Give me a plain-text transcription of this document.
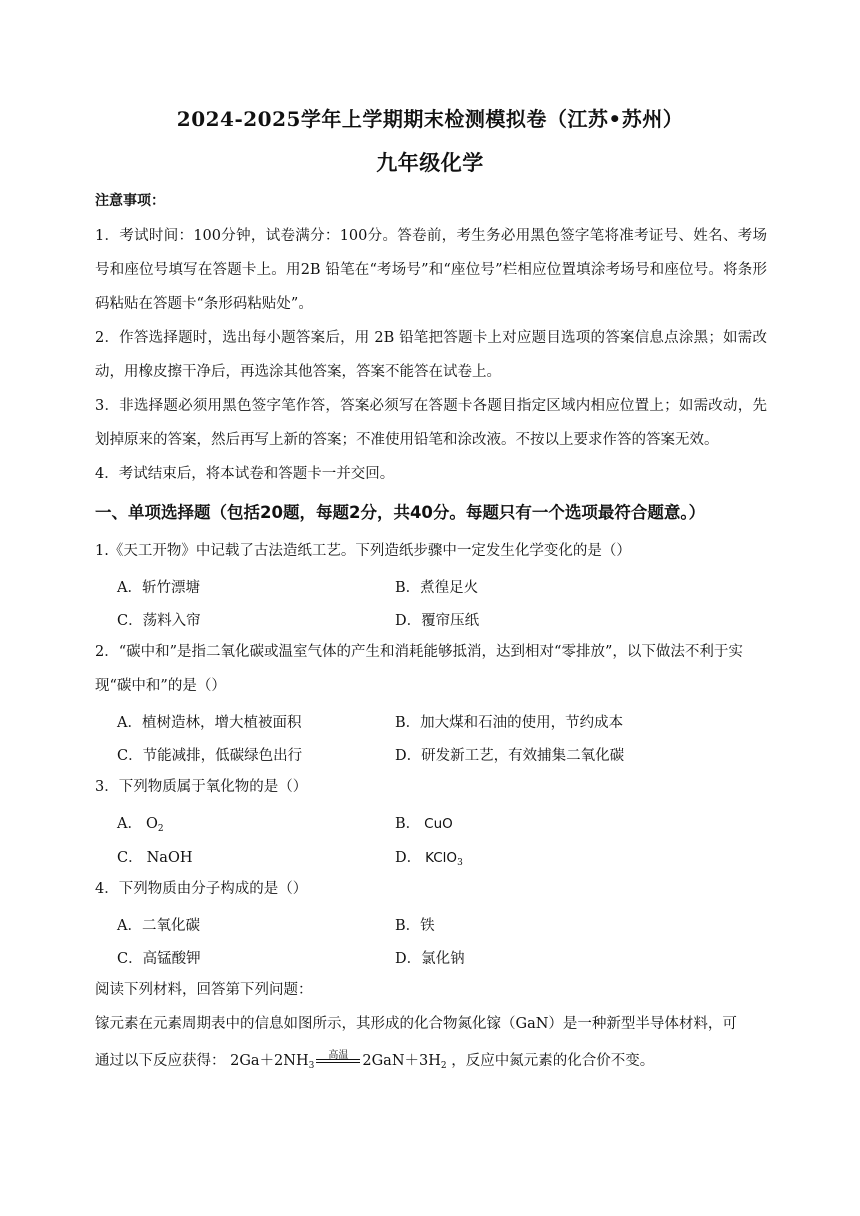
2024-2025学年上学期期末检测模拟卷（江苏•苏州）
九年级化学
注意事项：
1．考试时间：100分钟，试卷满分：100分。答卷前，考生务必用黑色签字笔将准考证号、姓名、考场号和座位号填写在答题卡上。用2B 铅笔在“考场号”和“座位号”栏相应位置填涂考场号和座位号。将条形码粘贴在答题卡“条形码粘贴处”。
2．作答选择题时，选出每小题答案后，用 2B 铅笔把答题卡上对应题目选项的答案信息点涂黑；如需改动，用橡皮擦干净后，再选涂其他答案，答案不能答在试卷上。
3．非选择题必须用黑色签字笔作答，答案必须写在答题卡各题目指定区域内相应位置上；如需改动，先划掉原来的答案，然后再写上新的答案；不准使用铅笔和涂改液。不按以上要求作答的答案无效。
4．考试结束后，将本试卷和答题卡一并交回。
一、单项选择题（包括20题，每题2分，共40分。每题只有一个选项最符合题意。）
1.《天工开物》中记载了古法造纸工艺。下列造纸步骤中一定发生化学变化的是（）
A．斩竹漂塘	B．煮徨足火
C．荡料入帘	D．覆帘压纸
2．“碳中和”是指二氧化碳或温室气体的产生和消耗能够抵消，达到相对“零排放”，以下做法不利于实现“碳中和”的是（）
A．植树造林，增大植被面积	B．加大煤和石油的使用，节约成本
C．节能减排，低碳绿色出行	D．研发新工艺，有效捕集二氧化碳
3．下列物质属于氧化物的是（）
A． $O_2$	B． CuO
C． NaOH	D． KClO$_3$
4．下列物质由分子构成的是（）
A．二氧化碳	B．铁
C．高锰酸钾	D．氯化钠
阅读下列材料，回答第下列问题：
镓元素在元素周期表中的信息如图所示，其形成的化合物氮化镓（GaN）是一种新型半导体材料，可
通过以下反应获得： $2Ga+2NH_3$
高温 $2GaN+3H_2$ ，反应中氮元素的化合价不变。
